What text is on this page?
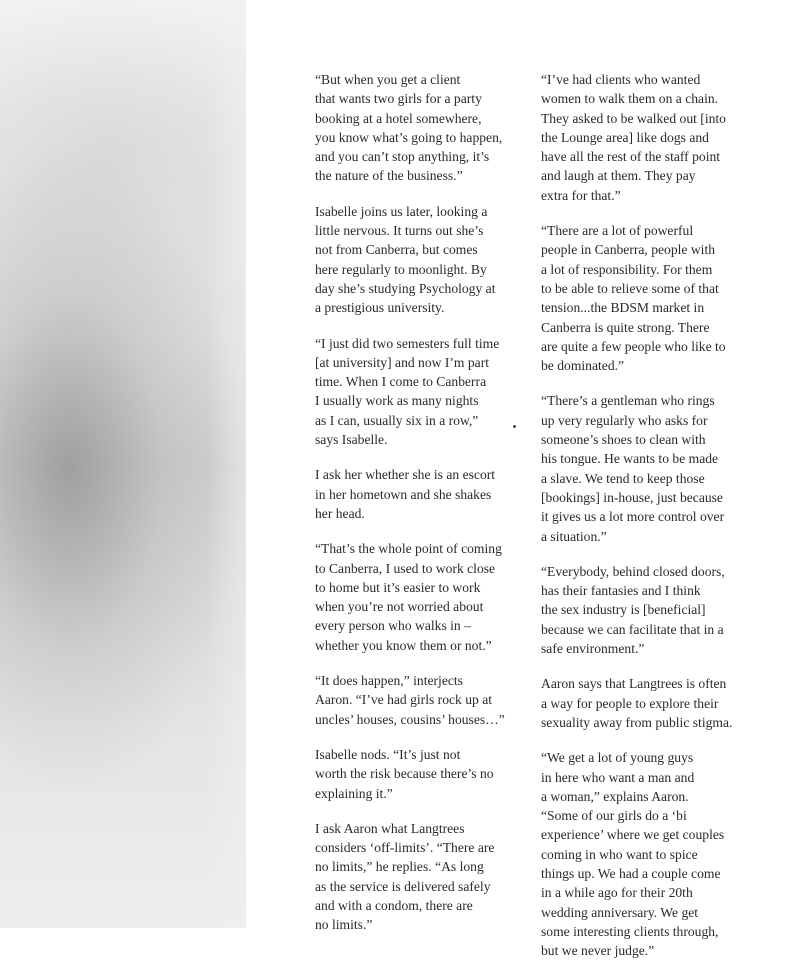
“But when you get a client
that wants two girls for a party
booking at a hotel somewhere,
you know what’s going to happen,
and you can’t stop anything, it’s
the nature of the business.”

Isabelle joins us later, looking a
little nervous. It turns out she’s
not from Canberra, but comes
here regularly to moonlight. By
day she’s studying Psychology at
a prestigious university.

“I just did two semesters full time
[at university] and now I’m part
time. When I come to Canberra
I usually work as many nights
as I can, usually six in a row,”
says Isabelle.

I ask her whether she is an escort
in her hometown and she shakes
her head.

“That’s the whole point of coming
to Canberra, I used to work close
to home but it’s easier to work
when you’re not worried about
every person who walks in –
whether you know them or not.”

“It does happen,” interjects
Aaron. “I’ve had girls rock up at
uncles’ houses, cousins’ houses…”

Isabelle nods. “It’s just not
worth the risk because there’s no
explaining it.”

I ask Aaron what Langtrees
considers ‘off-limits’. “There are
no limits,” he replies. “As long
as the service is delivered safely
and with a condom, there are
no limits.”

“I’ve had clients who wanted
women to walk them on a chain.
They asked to be walked out [into
the Lounge area] like dogs and
have all the rest of the staff point
and laugh at them. They pay
extra for that.”

“There are a lot of powerful
people in Canberra, people with
a lot of responsibility. For them
to be able to relieve some of that
tension...the BDSM market in
Canberra is quite strong. There
are quite a few people who like to
be dominated.”

“There’s a gentleman who rings
up very regularly who asks for
someone’s shoes to clean with
his tongue. He wants to be made
a slave. We tend to keep those
[bookings] in-house, just because
it gives us a lot more control over
a situation.”

“Everybody, behind closed doors,
has their fantasies and I think
the sex industry is [beneficial]
because we can facilitate that in a
safe environment.”

Aaron says that Langtrees is often
a way for people to explore their
sexuality away from public stigma.

“We get a lot of young guys
in here who want a man and
a woman,” explains Aaron.
“Some of our girls do a ‘bi
experience’ where we get couples
coming in who want to spice
things up. We had a couple come
in a while ago for their 20th
wedding anniversary. We get
some interesting clients through,
but we never judge.”
